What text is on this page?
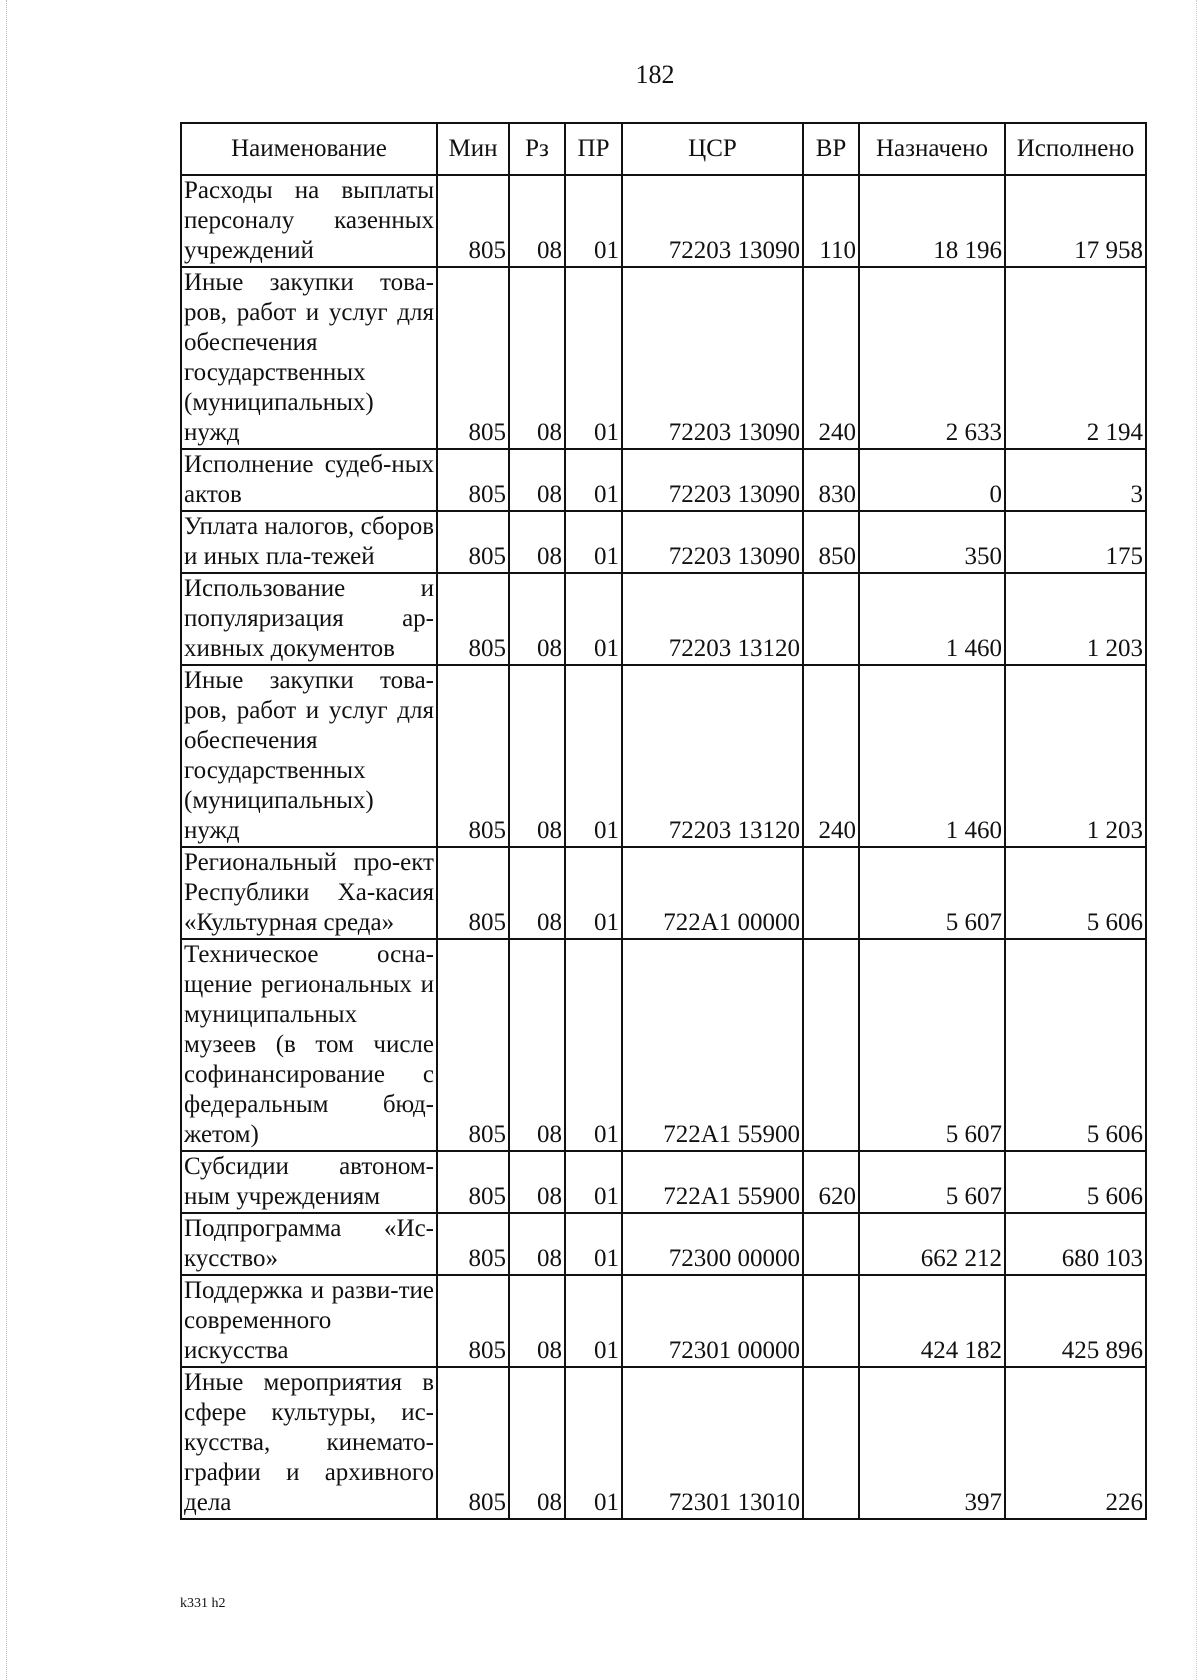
182
Наименование	Мин	Рз	ПР	ЦСР	ВР	Назначено	Исполнено
Расходы на выплаты персоналу казенных учреждений	805	08	01	72203 13090	110	18 196	17 958
Иные закупки това-ров, работ и услуг для обеспечения государственных (муниципальных) нужд	805	08	01	72203 13090	240	2 633	2 194
Исполнение судеб-ных актов	805	08	01	72203 13090	830	0	3
Уплата налогов, сборов и иных пла-тежей	805	08	01	72203 13090	850	350	175
Использование и популяризация ар-хивных документов	805	08	01	72203 13120		1 460	1 203
Иные закупки това-ров, работ и услуг для обеспечения государственных (муниципальных) нужд	805	08	01	72203 13120	240	1 460	1 203
Региональный про-ект Республики Ха-касия «Культурная среда»	805	08	01	722А1 00000		5 607	5 606
Техническое осна-щение региональных и муниципальных музеев (в том числе софинансирование с федеральным бюд-жетом)	805	08	01	722А1 55900		5 607	5 606
Субсидии автоном-ным учреждениям	805	08	01	722А1 55900	620	5 607	5 606
Подпрограмма «Ис-кусство»	805	08	01	72300 00000		662 212	680 103
Поддержка и разви-тие современного искусства	805	08	01	72301 00000		424 182	425 896
Иные мероприятия в сфере культуры, ис-кусства, кинемато-графии и архивного дела	805	08	01	72301 13010		397	226
k331 h2
